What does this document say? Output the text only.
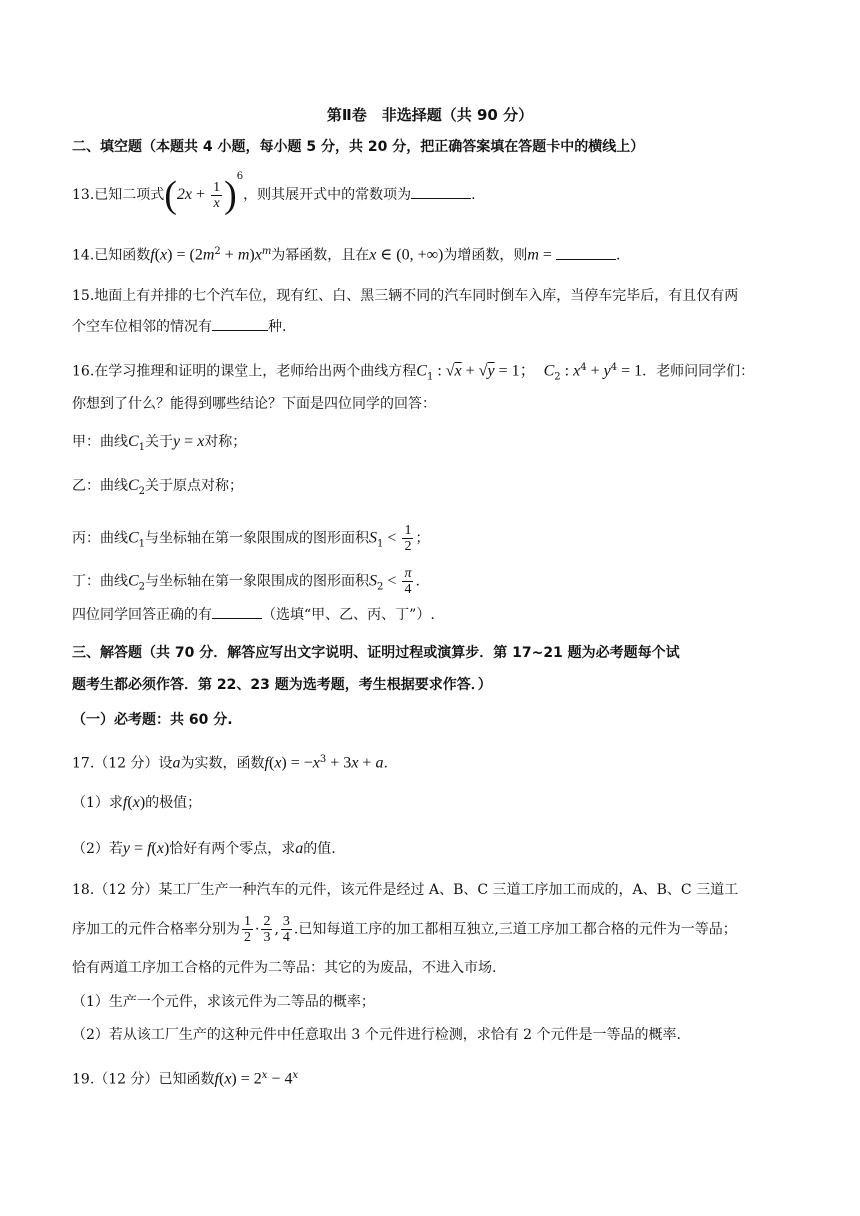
第Ⅱ卷　非选择题（共 90 分）
二、填空题（本题共 4 小题，每小题 5 分，共 20 分，把正确答案填在答题卡中的横线上）
13.已知二项式$(2x + \frac{1}{x} )^6$，则其展开式中的常数项为	.
14.已知函数$f(x) = (2m^2 + m)x^m$为幂函数，且在x ∈ (0, +∞)为增函数，则m =	.
15.地面上有并排的七个汽车位，现有红、白、黑三辆不同的汽车同时倒车入库，当停车完毕后，有且仅有两
个空车位相邻的情况有	种.
16.在学习推理和证明的课堂上，老师给出两个曲线方程$C_1$ : √x + √y = 1；　$C_2$ : $x^4 + y^4 = 1$．老师问同学们：
你想到了什么？能得到哪些结论？下面是四位同学的回答：
甲：曲线$C_1$关于y = x对称；
乙：曲线$C_2$关于原点对称；
丙：曲线$C_1$与坐标轴在第一象限围成的图形面积$S_1 < \frac{1}{2}$ ；
丁：曲线$C_2$与坐标轴在第一象限围成的图形面积$S_2 < \frac{\pi}{4}$ .
四位同学回答正确的有	（选填“甲、乙、丙、丁”）.
三、解答题（共 70 分．解答应写出文字说明、证明过程或演算步．第 17~21 题为必考题每个试
题考生都必须作答．第 22、23 题为选考题，考生根据要求作答．）
（一）必考题：共 60 分.
17.（12 分）设a为实数，函数$f(x) = -x^3 + 3x + a$.
（1）求f(x)的极值；
（2）若y = f(x)恰好有两个零点，求a的值.
18.（12 分）某工厂生产一种汽车的元件，该元件是经过 A、B、C 三道工序加工而成的，A、B、C 三道工
序加工的元件合格率分别为 $\frac{1}{2} \cdot \frac{2}{3}$ , $\frac{3}{4}$ .已知每道工序的加工都相互独立,三道工序加工都合格的元件为一等品；
恰有两道工序加工合格的元件为二等品：其它的为废品，不进入市场.
（1）生产一个元件，求该元件为二等品的概率；
（2）若从该工厂生产的这种元件中任意取出 3 个元件进行检测，求恰有 2 个元件是一等品的概率.
19.（12 分）已知函数$f(x) = 2^x - 4^x$
